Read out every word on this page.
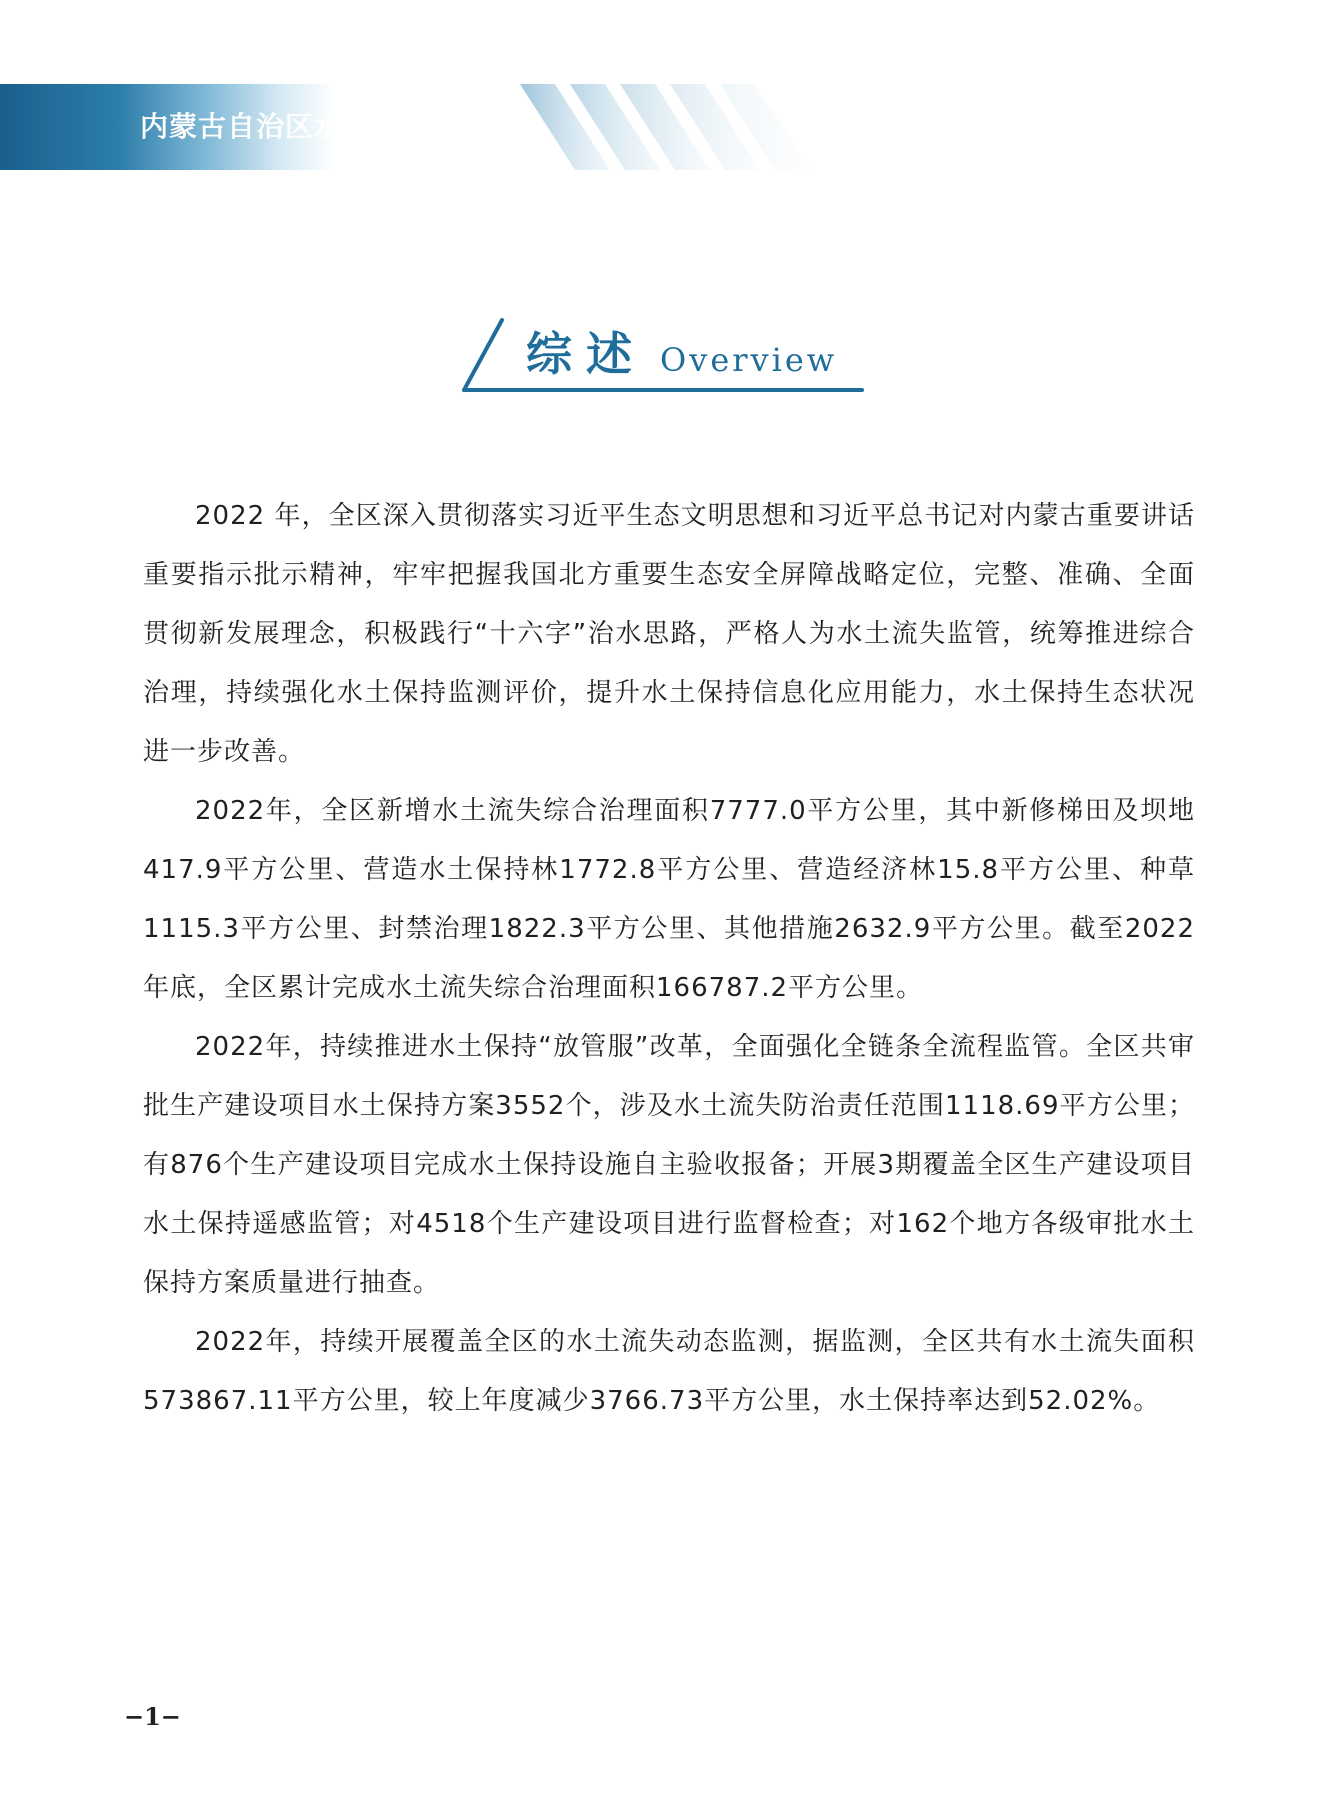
内蒙古自治区水利厅
综述 Overview

2022 年，全区深入贯彻落实习近平生态文明思想和习近平总书记对内蒙古重要讲话重要指示批示精神，牢牢把握我国北方重要生态安全屏障战略定位，完整、准确、全面贯彻新发展理念，积极践行“十六字”治水思路，严格人为水土流失监管，统筹推进综合治理，持续强化水土保持监测评价，提升水土保持信息化应用能力，水土保持生态状况进一步改善。

2022年，全区新增水土流失综合治理面积7777.0平方公里，其中新修梯田及坝地417.9平方公里、营造水土保持林1772.8平方公里、营造经济林15.8平方公里、种草1115.3平方公里、封禁治理1822.3平方公里、其他措施2632.9平方公里。截至2022年底，全区累计完成水土流失综合治理面积166787.2平方公里。

2022年，持续推进水土保持“放管服”改革，全面强化全链条全流程监管。全区共审批生产建设项目水土保持方案3552个，涉及水土流失防治责任范围1118.69平方公里；有876个生产建设项目完成水土保持设施自主验收报备；开展3期覆盖全区生产建设项目水土保持遥感监管；对4518个生产建设项目进行监督检查；对162个地方各级审批水土保持方案质量进行抽查。

2022年，持续开展覆盖全区的水土流失动态监测，据监测，全区共有水土流失面积573867.11平方公里，较上年度减少3766.73平方公里，水土保持率达到52.02%。

−1−
